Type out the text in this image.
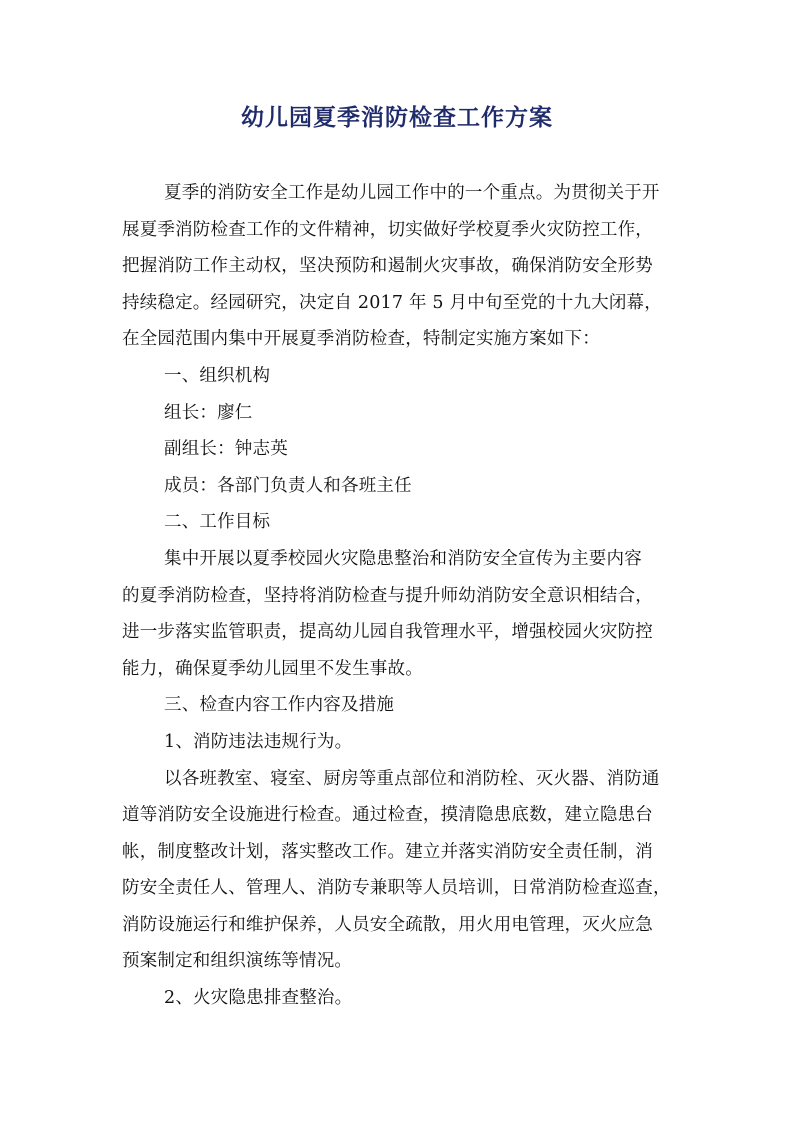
幼儿园夏季消防检查工作方案

夏季的消防安全工作是幼儿园工作中的一个重点。为贯彻关于开
展夏季消防检查工作的文件精神，切实做好学校夏季火灾防控工作，
把握消防工作主动权，坚决预防和遏制火灾事故，确保消防安全形势
持续稳定。经园研究，决定自 2017 年 5 月中旬至党的十九大闭幕，
在全园范围内集中开展夏季消防检查，特制定实施方案如下：

一、组织机构

组长：廖仁

副组长：钟志英

成员：各部门负责人和各班主任

二、工作目标

集中开展以夏季校园火灾隐患整治和消防安全宣传为主要内容
的夏季消防检查，坚持将消防检查与提升师幼消防安全意识相结合，
进一步落实监管职责，提高幼儿园自我管理水平，增强校园火灾防控
能力，确保夏季幼儿园里不发生事故。

三、检查内容工作内容及措施

1、消防违法违规行为。

以各班教室、寝室、厨房等重点部位和消防栓、灭火器、消防通
道等消防安全设施进行检查。通过检查，摸清隐患底数，建立隐患台
帐，制度整改计划，落实整改工作。建立并落实消防安全责任制，消
防安全责任人、管理人、消防专兼职等人员培训，日常消防检查巡查，
消防设施运行和维护保养，人员安全疏散，用火用电管理，灭火应急
预案制定和组织演练等情况。

2、火灾隐患排查整治。
